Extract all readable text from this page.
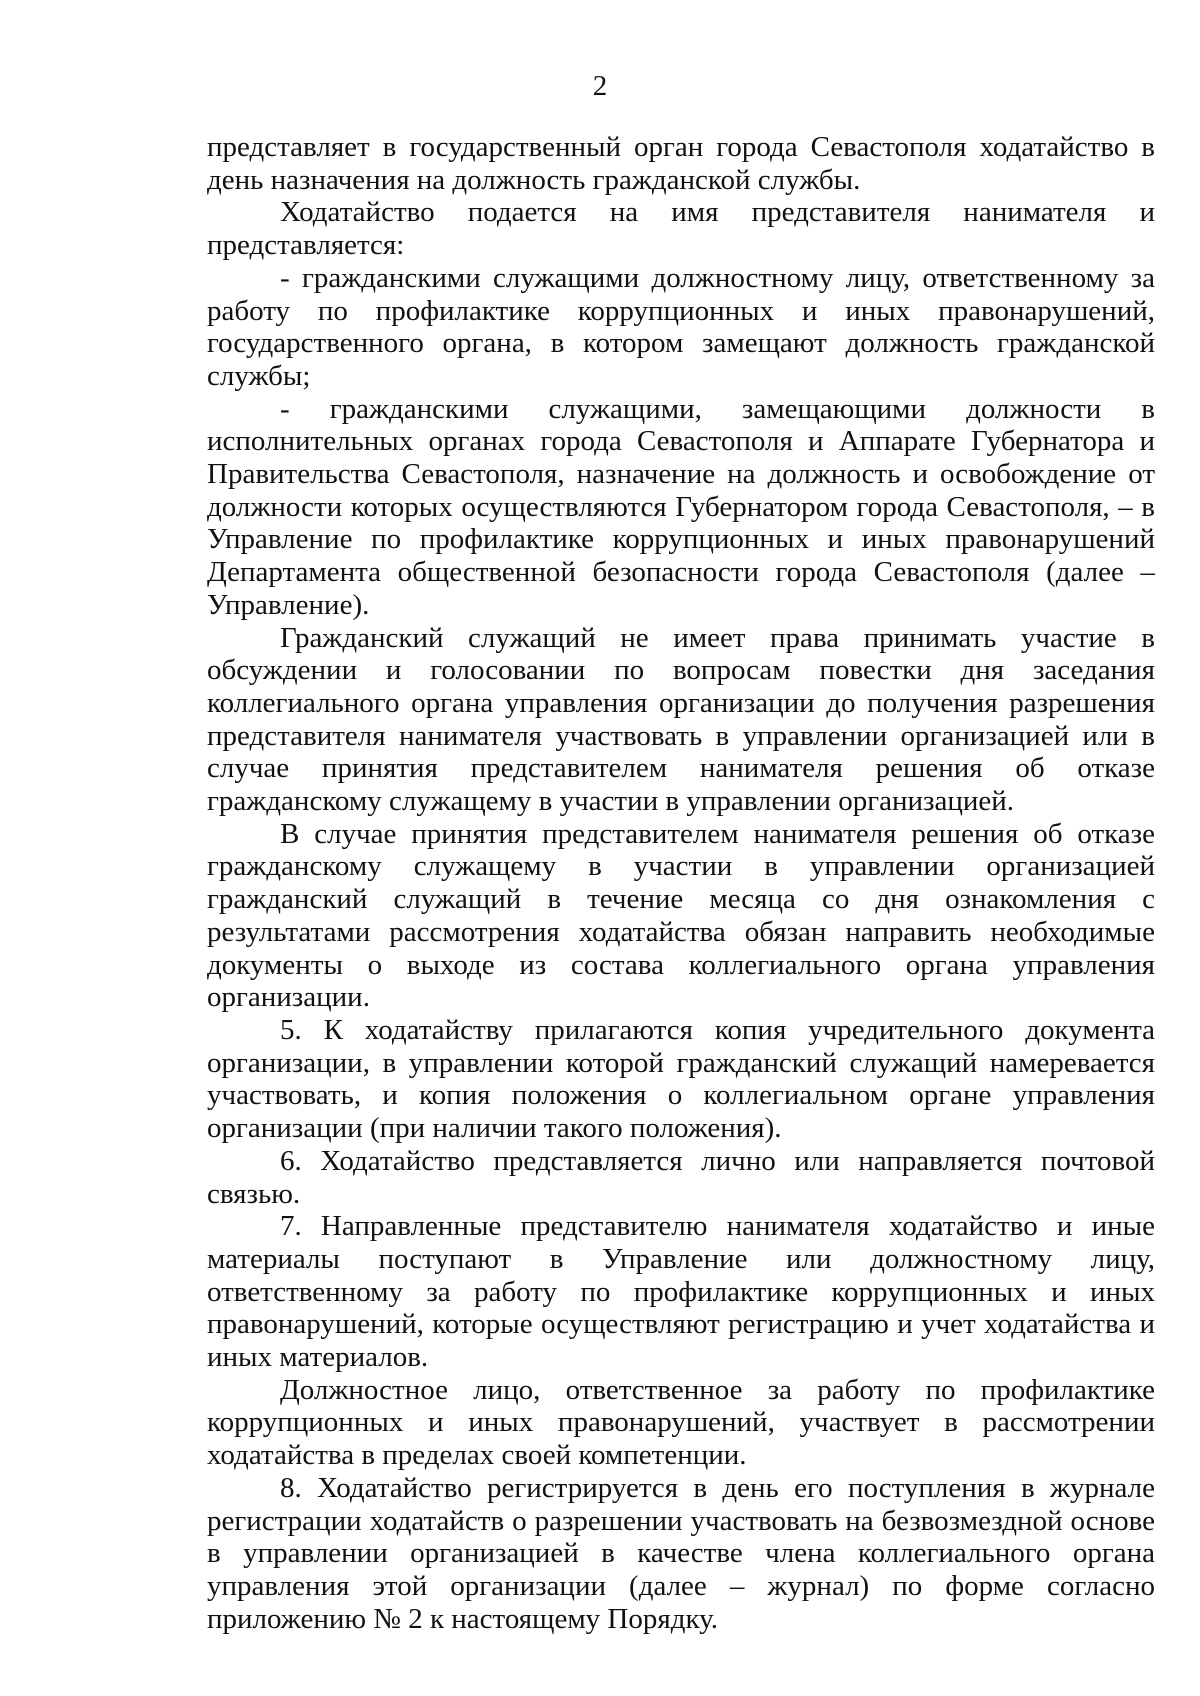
2

представляет в государственный орган города Севастополя ходатайство в день назначения на должность гражданской службы.

Ходатайство подается на имя представителя нанимателя и представляется:

- гражданскими служащими должностному лицу, ответственному за работу по профилактике коррупционных и иных правонарушений, государственного органа, в котором замещают должность гражданской службы;

- гражданскими служащими, замещающими должности в исполнительных органах города Севастополя и Аппарате Губернатора и Правительства Севастополя, назначение на должность и освобождение от должности которых осуществляются Губернатором города Севастополя, – в Управление по профилактике коррупционных и иных правонарушений Департамента общественной безопасности города Севастополя (далее – Управление).

Гражданский служащий не имеет права принимать участие в обсуждении и голосовании по вопросам повестки дня заседания коллегиального органа управления организации до получения разрешения представителя нанимателя участвовать в управлении организацией или в случае принятия представителем нанимателя решения об отказе гражданскому служащему в участии в управлении организацией.

В случае принятия представителем нанимателя решения об отказе гражданскому служащему в участии в управлении организацией гражданский служащий в течение месяца со дня ознакомления с результатами рассмотрения ходатайства обязан направить необходимые документы о выходе из состава коллегиального органа управления организации.

5. К ходатайству прилагаются копия учредительного документа организации, в управлении которой гражданский служащий намеревается участвовать, и копия положения о коллегиальном органе управления организации (при наличии такого положения).

6. Ходатайство представляется лично или направляется почтовой связью.

7. Направленные представителю нанимателя ходатайство и иные материалы поступают в Управление или должностному лицу, ответственному за работу по профилактике коррупционных и иных правонарушений, которые осуществляют регистрацию и учет ходатайства и иных материалов.

Должностное лицо, ответственное за работу по профилактике коррупционных и иных правонарушений, участвует в рассмотрении ходатайства в пределах своей компетенции.

8. Ходатайство регистрируется в день его поступления в журнале регистрации ходатайств о разрешении участвовать на безвозмездной основе в управлении организацией в качестве члена коллегиального органа управления этой организации (далее – журнал) по форме согласно приложению № 2 к настоящему Порядку.
